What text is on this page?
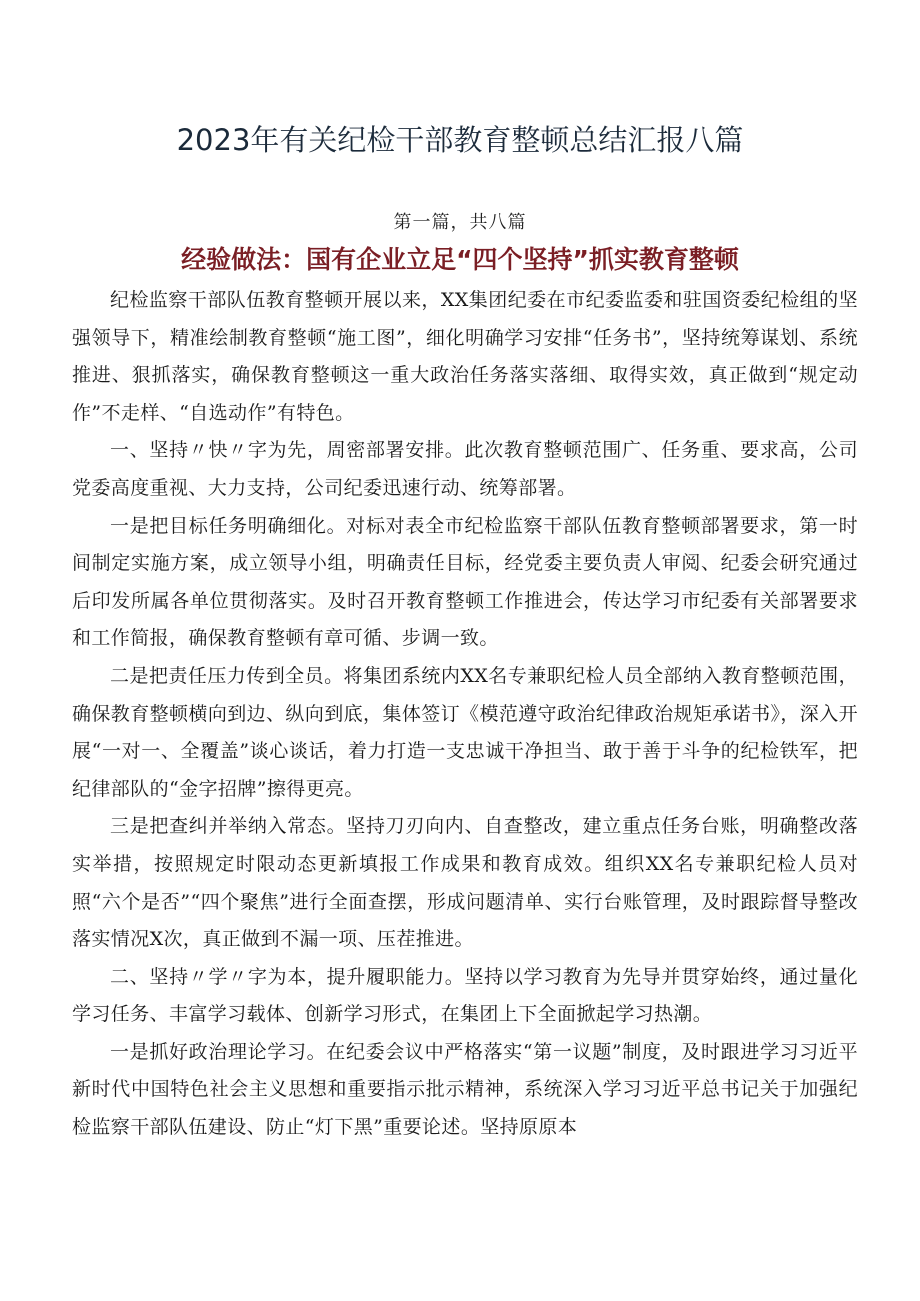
2023年有关纪检干部教育整顿总结汇报八篇
第一篇，共八篇
经验做法：国有企业立足“四个坚持”抓实教育整顿

纪检监察干部队伍教育整顿开展以来，XX集团纪委在市纪委监委和驻国资委纪检组的坚强领导下，精准绘制教育整顿“施工图”，细化明确学习安排“任务书”，坚持统筹谋划、系统推进、狠抓落实，确保教育整顿这一重大政治任务落实落细、取得实效，真正做到“规定动作”不走样、“自选动作”有特色。

一、坚持〃快〃字为先，周密部署安排。此次教育整顿范围广、任务重、要求高，公司党委高度重视、大力支持，公司纪委迅速行动、统筹部署。

一是把目标任务明确细化。对标对表全市纪检监察干部队伍教育整顿部署要求，第一时间制定实施方案，成立领导小组，明确责任目标，经党委主要负责人审阅、纪委会研究通过后印发所属各单位贯彻落实。及时召开教育整顿工作推进会，传达学习市纪委有关部署要求和工作简报，确保教育整顿有章可循、步调一致。

二是把责任压力传到全员。将集团系统内XX名专兼职纪检人员全部纳入教育整顿范围，确保教育整顿横向到边、纵向到底，集体签订《模范遵守政治纪律政治规矩承诺书》，深入开展“一对一、全覆盖”谈心谈话，着力打造一支忠诚干净担当、敢于善于斗争的纪检铁军，把纪律部队的“金字招牌”擦得更亮。

三是把查纠并举纳入常态。坚持刀刃向内、自查整改，建立重点任务台账，明确整改落实举措，按照规定时限动态更新填报工作成果和教育成效。组织XX名专兼职纪检人员对照“六个是否”“四个聚焦”进行全面查摆，形成问题清单、实行台账管理，及时跟踪督导整改落实情况X次，真正做到不漏一项、压茬推进。

二、坚持〃学〃字为本，提升履职能力。坚持以学习教育为先导并贯穿始终，通过量化学习任务、丰富学习载体、创新学习形式，在集团上下全面掀起学习热潮。

一是抓好政治理论学习。在纪委会议中严格落实“第一议题”制度，及时跟进学习习近平新时代中国特色社会主义思想和重要指示批示精神，系统深入学习习近平总书记关于加强纪检监察干部队伍建设、防止“灯下黑”重要论述。坚持原原本
